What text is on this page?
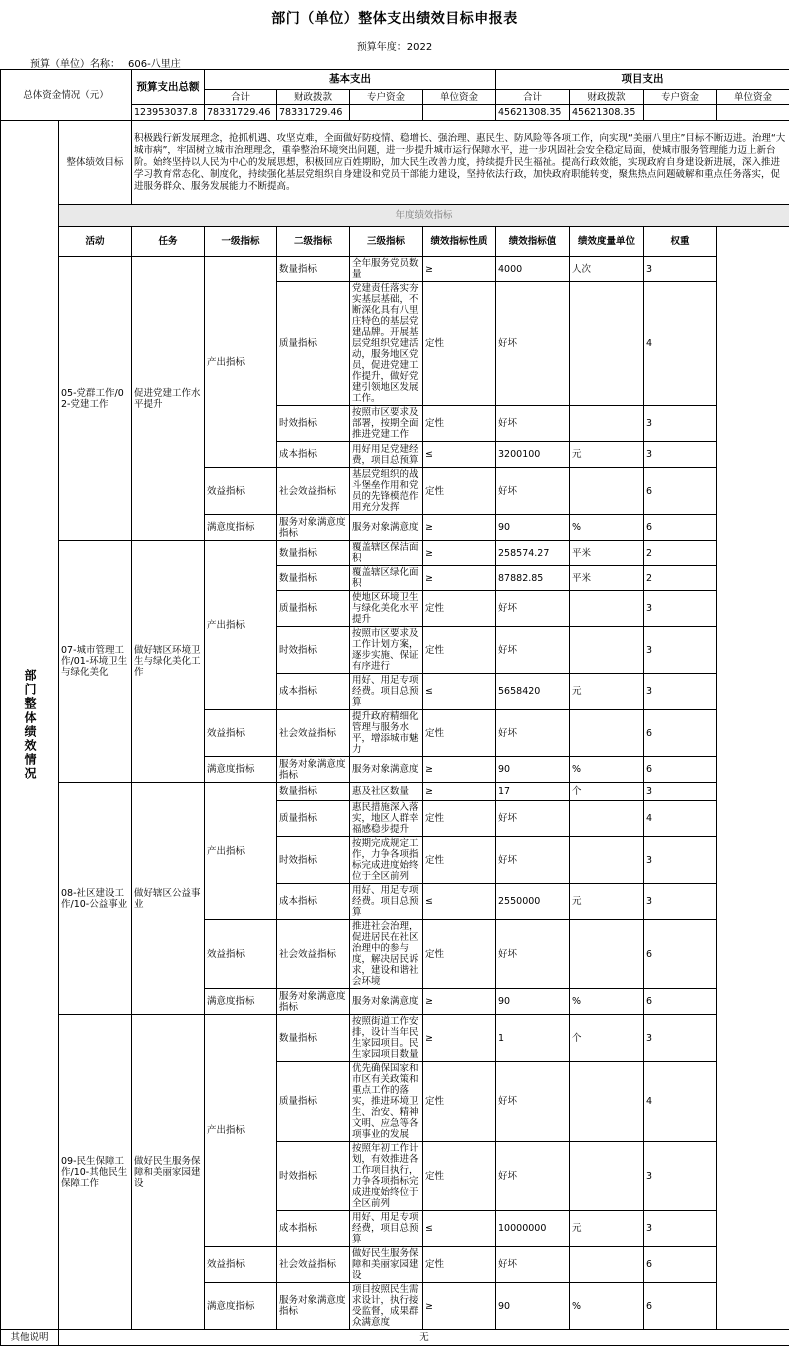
部门（单位）整体支出绩效目标申报表
预算年度：2022
预算（单位）名称： 606-八里庄
总体资金情况（元）		预算支出总额	基本支出				项目支出			
			合计	财政拨款	专户资金	单位资金	合计	财政拨款	专户资金	单位资金
		123953037.8	78331729.46	78331729.46			45621308.35	45621308.35		
部门整体绩效情况	整体绩效目标	积极践行新发展理念，抢抓机遇、攻坚克难，全面做好防疫情、稳增长、强治理、惠民生、防风险等各项工作，向实现“美丽八里庄”目标不断迈进。治理“大城市病”，牢固树立城市治理理念，重拳整治环境突出问题，进一步提升城市运行保障水平，进一步巩固社会安全稳定局面，使城市服务管理能力迈上新台阶。始终坚持以人民为中心的发展思想，积极回应百姓期盼，加大民生改善力度，持续提升民生福祉。提高行政效能，实现政府自身建设新进展，深入推进学习教育常态化、制度化，持续强化基层党组织自身建设和党员干部能力建设，坚持依法行政，加快政府职能转变，聚焦热点问题破解和重点任务落实，促进服务群众、服务发展能力不断提高。								
	年度绩效指标									
	活动	任务	一级指标	二级指标	三级指标	绩效指标性质	绩效指标值	绩效度量单位	权重	
	05-党群工作/02-党建工作	促进党建工作水平提升	产出指标	数量指标	全年服务党员数量	≥	4000	人次	3	
				质量指标	党建责任落实夯实基层基础，不断深化具有八里庄特色的基层党建品牌。开展基层党组织党建活动，服务地区党员，促进党建工作提升，做好党建引领地区发展工作。	定性	好坏		4	
				时效指标	按照市区要求及部署，按期全面推进党建工作	定性	好坏		3	
				成本指标	用好用足党建经费，项目总预算	≤	3200100	元	3	
			效益指标	社会效益指标	基层党组织的战斗堡垒作用和党员的先锋模范作用充分发挥	定性	好坏		6	
			满意度指标	服务对象满意度指标	服务对象满意度	≥	90	%	6	
	07-城市管理工作/01-环境卫生与绿化美化	做好辖区环境卫生与绿化美化工作	产出指标	数量指标	覆盖辖区保洁面积	≥	258574.27	平米	2	
				数量指标	覆盖辖区绿化面积	≥	87882.85	平米	2	
				质量指标	使地区环境卫生与绿化美化水平提升	定性	好坏		3	
				时效指标	按照市区要求及工作计划方案，逐步实施、保证有序进行	定性	好坏		3	
				成本指标	用好、用足专项经费。项目总预算	≤	5658420	元	3	
			效益指标	社会效益指标	提升政府精细化管理与服务水平，增添城市魅力	定性	好坏		6	
			满意度指标	服务对象满意度指标	服务对象满意度	≥	90	%	6	
	08-社区建设工作/10-公益事业	做好辖区公益事业	产出指标	数量指标	惠及社区数量	≥	17	个	3	
				质量指标	惠民措施深入落实，地区人群幸福感稳步提升	定性	好坏		4	
				时效指标	按期完成规定工作，力争各项指标完成进度始终位于全区前列	定性	好坏		3	
				成本指标	用好、用足专项经费。项目总预算	≤	2550000	元	3	
			效益指标	社会效益指标	推进社会治理，促进居民在社区治理中的参与度，解决居民诉求，建设和谐社会环境	定性	好坏		6	
			满意度指标	服务对象满意度指标	服务对象满意度	≥	90	%	6	
	09-民生保障工作/10-其他民生保障工作	做好民生服务保障和美丽家园建设	产出指标	数量指标	按照街道工作安排，设计当年民生家园项目。民生家园项目数量	≥	1	个	3	
				质量指标	优先确保国家和市区有关政策和重点工作的落实，推进环境卫生、治安、精神文明、应急等各项事业的发展	定性	好坏		4	
				时效指标	按照年初工作计划，有效推进各工作项目执行，力争各项指标完成进度始终位于全区前列	定性	好坏		3	
				成本指标	用好、用足专项经费，项目总预算	≤	10000000	元	3	
			效益指标	社会效益指标	做好民生服务保障和美丽家园建设	定性	好坏		6	
			满意度指标	服务对象满意度指标	项目按照民生需求设计，执行接受监督，成果群众满意度	≥	90	%	6	
其他说明	无									
